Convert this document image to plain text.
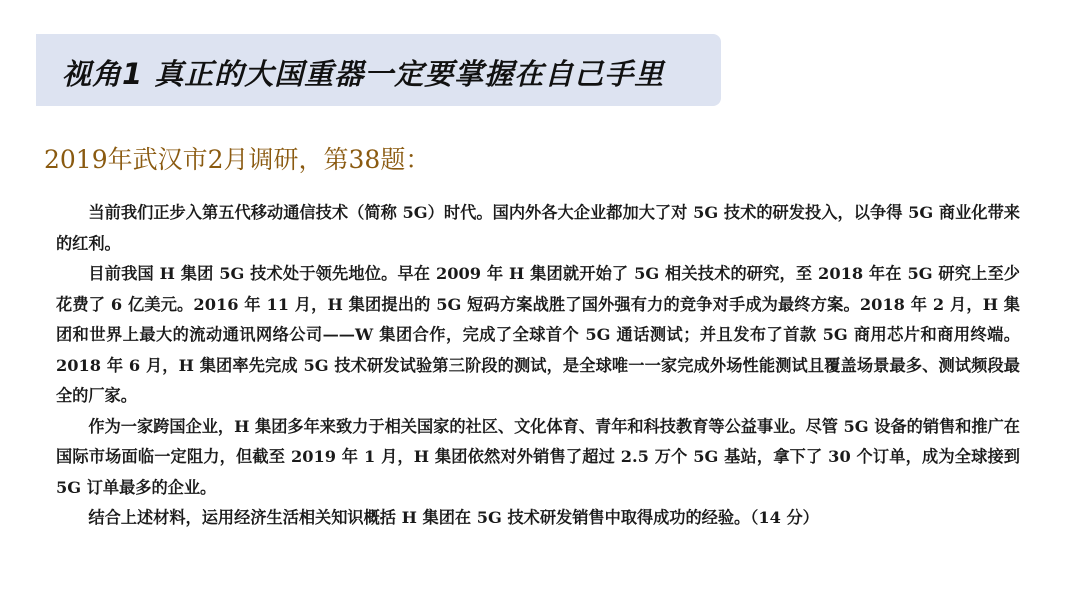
视角1 真正的大国重器一定要掌握在自己手里
2019年武汉市2月调研，第38题：

当前我们正步入第五代移动通信技术（简称 5G）时代。国内外各大企业都加大了对 5G 技术的研发投入，以争得 5G 商业化带来的红利。

目前我国 H 集团 5G 技术处于领先地位。早在 2009 年 H 集团就开始了 5G 相关技术的研究，至 2018 年在 5G 研究上至少花费了 6 亿美元。2016 年 11 月，H 集团提出的 5G 短码方案战胜了国外强有力的竞争对手成为最终方案。2018 年 2 月，H 集团和世界上最大的流动通讯网络公司——W 集团合作，完成了全球首个 5G 通话测试；并且发布了首款 5G 商用芯片和商用终端。2018 年 6 月，H 集团率先完成 5G 技术研发试验第三阶段的测试，是全球唯一一家完成外场性能测试且覆盖场景最多、测试频段最全的厂家。

作为一家跨国企业，H 集团多年来致力于相关国家的社区、文化体育、青年和科技教育等公益事业。尽管 5G 设备的销售和推广在国际市场面临一定阻力，但截至 2019 年 1 月，H 集团依然对外销售了超过 2.5 万个 5G 基站，拿下了 30 个订单，成为全球接到 5G 订单最多的企业。

结合上述材料，运用经济生活相关知识概括 H 集团在 5G 技术研发销售中取得成功的经验。（14 分）
